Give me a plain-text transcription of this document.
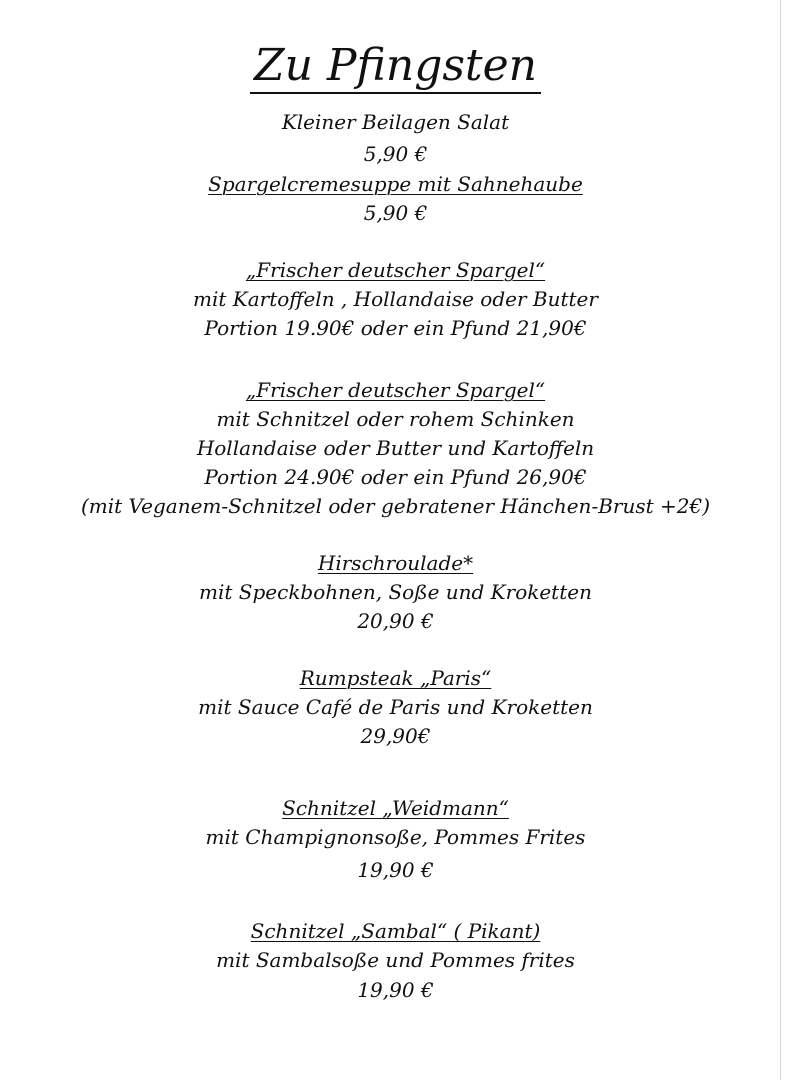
Zu Pfingsten
Kleiner Beilagen Salat
5,90 €
Spargelcremesuppe mit Sahnehaube
5,90 €
„Frischer deutscher Spargel“
mit Kartoffeln , Hollandaise oder Butter
Portion 19.90€ oder ein Pfund 21,90€
„Frischer deutscher Spargel“
mit Schnitzel oder rohem Schinken
Hollandaise oder Butter und Kartoffeln
Portion 24.90€ oder ein Pfund 26,90€
(mit Veganem-Schnitzel oder gebratener Hänchen-Brust +2€)
Hirschroulade*
mit Speckbohnen, Soße und Kroketten
20,90 €
Rumpsteak „Paris“
mit Sauce Café de Paris und Kroketten
29,90€
Schnitzel „Weidmann“
mit Champignonsoße, Pommes Frites
19,90 €
Schnitzel „Sambal“ ( Pikant)
mit Sambalsoße und Pommes frites
19,90 €
